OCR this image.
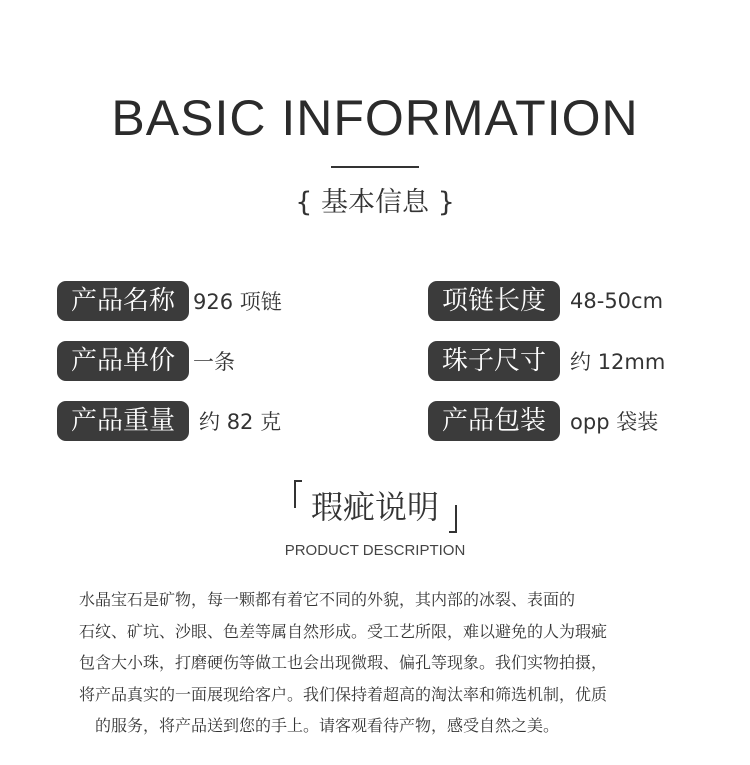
BASIC INFORMATION
{ 基本信息 }
产品名称 926 项链
产品单价 一条
产品重量	约 82 克
项链长度	48-50cm
珠子尺寸	约 12mm
产品包装	opp 袋装
瑕疵说明
PRODUCT DESCRIPTION

水晶宝石是矿物，每一颗都有着它不同的外貌，其内部的冰裂、表面的

石纹、矿坑、沙眼、色差等属自然形成。受工艺所限，难以避免的人为瑕疵

包含大小珠，打磨硬伤等做工也会出现微瑕、偏孔等现象。我们实物拍摄，

将产品真实的一面展现给客户。我们保持着超高的淘汰率和筛选机制，优质

的服务，将产品送到您的手上。请客观看待产物，感受自然之美。
